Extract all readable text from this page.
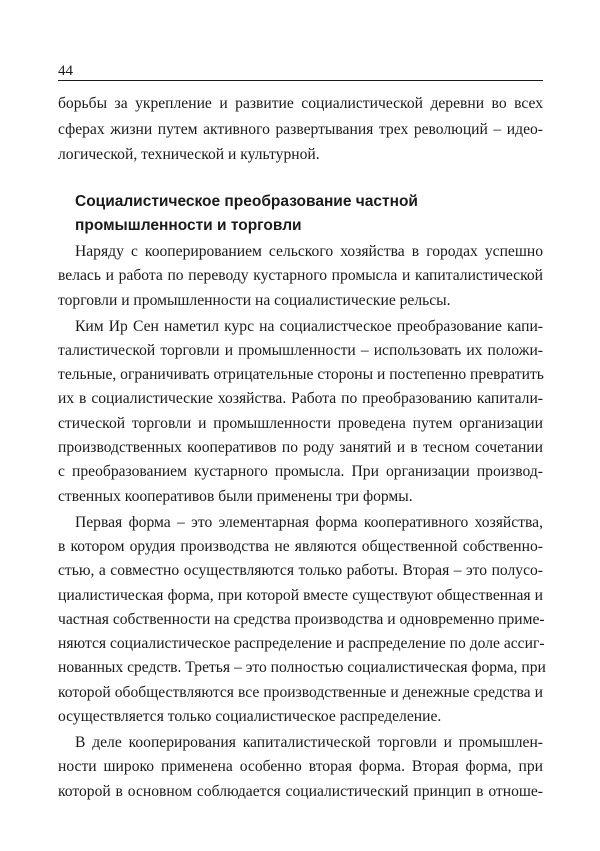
44
борьбы за укрепление и развитие социалистической деревни во всех
сферах жизни путем активного развертывания трех революций – идео-
логической, технической и культурной.
Социалистическое преобразование частной
промышленности и торговли
Наряду с кооперированием сельского хозяйства в городах успешно
велась и работа по переводу кустарного промысла и капиталистической
торговли и промышленности на социалистические рельсы.
Ким Ир Сен наметил курс на социалистческое преобразование капи-
талистической торговли и промышленности – использовать их положи-
тельные, ограничивать отрицательные стороны и постепенно превратить
их в социалистические хозяйства. Работа по преобразованию капитали-
стической торговли и промышленности проведена путем организации
производственных кооперативов по роду занятий и в тесном сочетании
с преобразованием кустарного промысла. При организации производ-
ственных кооперативов были применены три формы.
Первая форма – это элементарная форма кооперативного хозяйства,
в котором орудия производства не являются общественной собственно-
стью, а совместно осуществляются только работы. Вторая – это полусо-
циалистическая форма, при которой вместе существуют общественная и
частная собственности на средства производства и одновременно приме-
няются социалистическое распределение и распределение по доле ассиг-
нованных средств. Третья – это полностью социалистическая форма, при
которой обобществляются все производственные и денежные средства и
осуществляется только социалистическое распределение.
В деле кооперирования капиталистической торговли и промышлен-
ности широко применена особенно вторая форма. Вторая форма, при
которой в основном соблюдается социалистический принцип в отноше-
